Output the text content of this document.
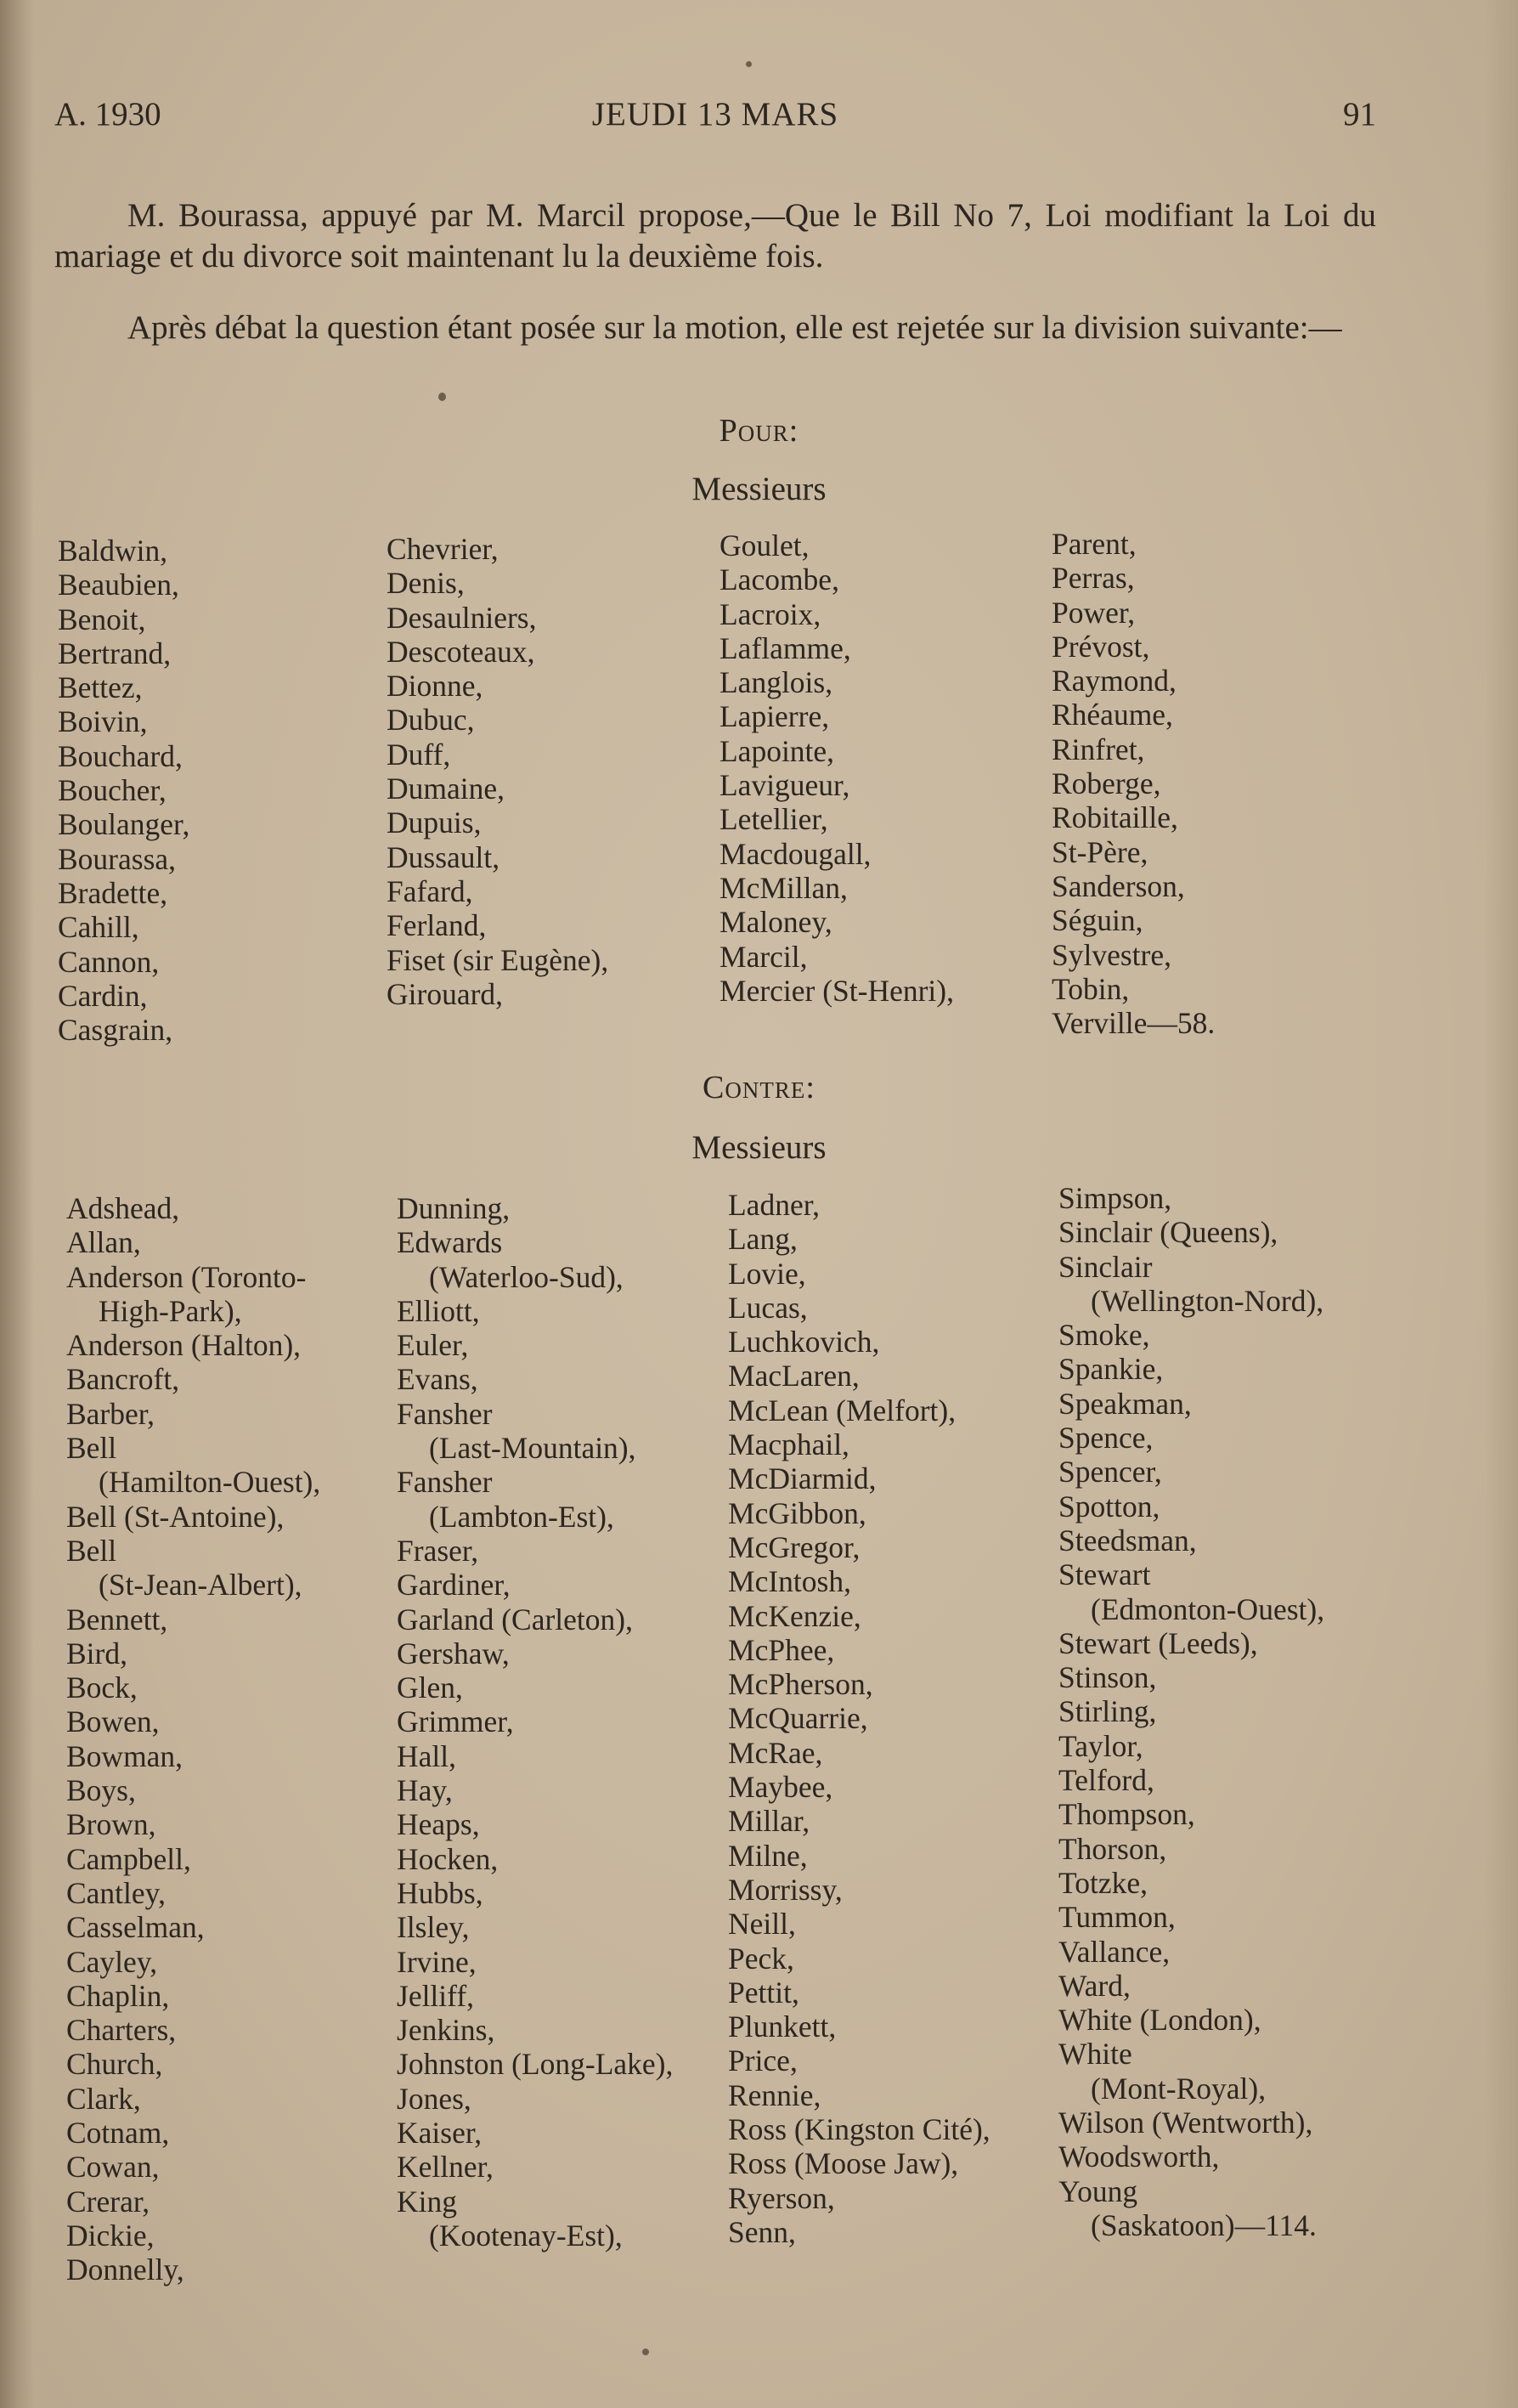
A. 1930	JEUDI 13 MARS	91
M. Bourassa, appuyé par M. Marcil propose,—Que le Bill No 7, Loi modifiant la Loi du mariage et du divorce soit maintenant lu la deuxième fois.
Après débat la question étant posée sur la motion, elle est rejetée sur la division suivante:—
Pour:
Messieurs
Baldwin,
Beaubien,
Benoit,
Bertrand,
Bettez,
Boivin,
Bouchard,
Boucher,
Boulanger,
Bourassa,
Bradette,
Cahill,
Cannon,
Cardin,
Casgrain,
Chevrier,
Denis,
Desaulniers,
Descoteaux,
Dionne,
Dubuc,
Duff,
Dumaine,
Dupuis,
Dussault,
Fafard,
Ferland,
Fiset (sir Eugène),
Girouard,
Goulet,
Lacombe,
Lacroix,
Laflamme,
Langlois,
Lapierre,
Lapointe,
Lavigueur,
Letellier,
Macdougall,
McMillan,
Maloney,
Marcil,
Mercier (St-Henri),
Parent,
Perras,
Power,
Prévost,
Raymond,
Rhéaume,
Rinfret,
Roberge,
Robitaille,
St-Père,
Sanderson,
Séguin,
Sylvestre,
Tobin,
Verville—58.
Contre:
Messieurs
Adshead,
Allan,
Anderson (Toronto-
High-Park),
Anderson (Halton),
Bancroft,
Barber,
Bell
(Hamilton-Ouest),
Bell (St-Antoine),
Bell
(St-Jean-Albert),
Bennett,
Bird,
Bock,
Bowen,
Bowman,
Boys,
Brown,
Campbell,
Cantley,
Casselman,
Cayley,
Chaplin,
Charters,
Church,
Clark,
Cotnam,
Cowan,
Crerar,
Dickie,
Donnelly,
Dunning,
Edwards
(Waterloo-Sud),
Elliott,
Euler,
Evans,
Fansher
(Last-Mountain),
Fansher
(Lambton-Est),
Fraser,
Gardiner,
Garland (Carleton),
Gershaw,
Glen,
Grimmer,
Hall,
Hay,
Heaps,
Hocken,
Hubbs,
Ilsley,
Irvine,
Jelliff,
Jenkins,
Johnston (Long-Lake),
Jones,
Kaiser,
Kellner,
King
(Kootenay-Est),
Ladner,
Lang,
Lovie,
Lucas,
Luchkovich,
MacLaren,
McLean (Melfort),
Macphail,
McDiarmid,
McGibbon,
McGregor,
McIntosh,
McKenzie,
McPhee,
McPherson,
McQuarrie,
McRae,
Maybee,
Millar,
Milne,
Morrissy,
Neill,
Peck,
Pettit,
Plunkett,
Price,
Rennie,
Ross (Kingston Cité),
Ross (Moose Jaw),
Ryerson,
Senn,
Simpson,
Sinclair (Queens),
Sinclair
(Wellington-Nord),
Smoke,
Spankie,
Speakman,
Spence,
Spencer,
Spotton,
Steedsman,
Stewart
(Edmonton-Ouest),
Stewart (Leeds),
Stinson,
Stirling,
Taylor,
Telford,
Thompson,
Thorson,
Totzke,
Tummon,
Vallance,
Ward,
White (London),
White
(Mont-Royal),
Wilson (Wentworth),
Woodsworth,
Young
(Saskatoon)—114.
